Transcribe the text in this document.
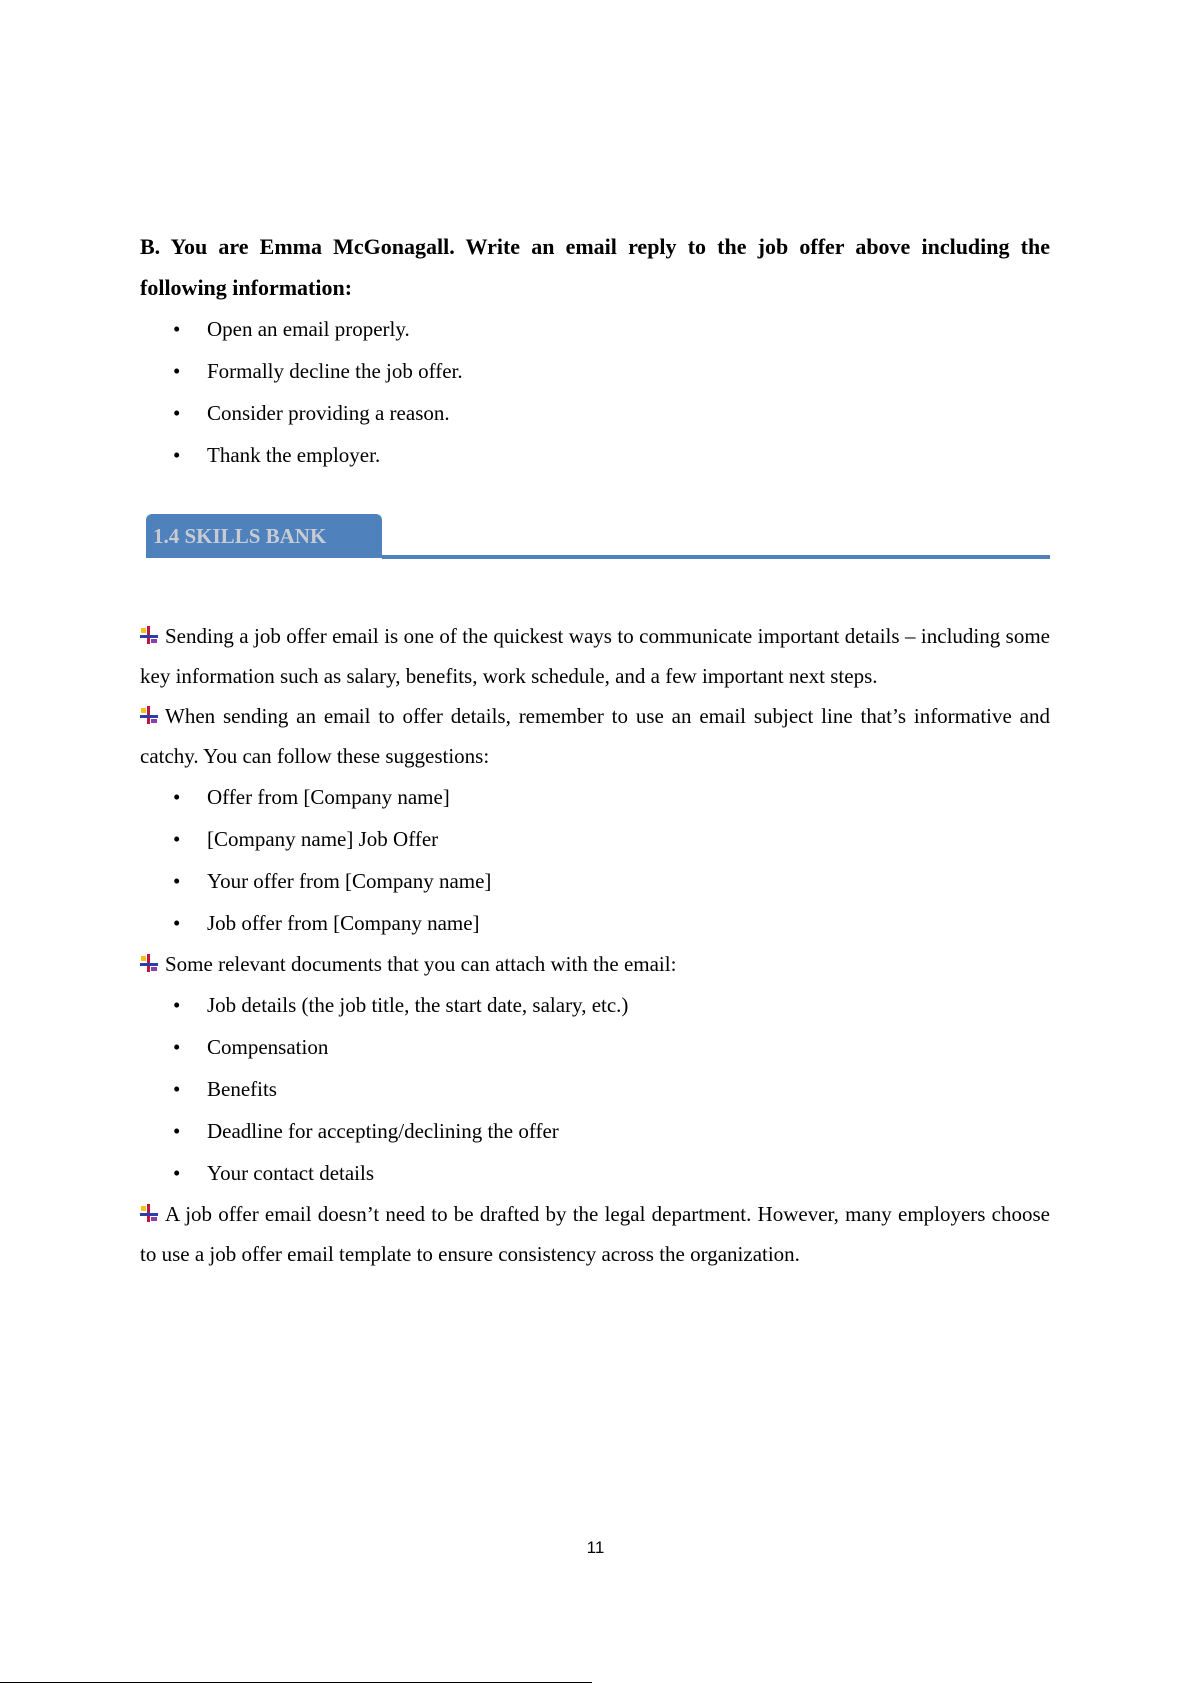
B. You are Emma McGonagall. Write an email reply to the job offer above including the following information:

• Open an email properly.
• Formally decline the job offer.
• Consider providing a reason.
• Thank the employer.
1.4 SKILLS BANK

Sending a job offer email is one of the quickest ways to communicate important details – including some key information such as salary, benefits, work schedule, and a few important next steps.

When sending an email to offer details, remember to use an email subject line that’s informative and catchy. You can follow these suggestions:

• Offer from [Company name]
• [Company name] Job Offer
• Your offer from [Company name]
• Job offer from [Company name]

Some relevant documents that you can attach with the email:

• Job details (the job title, the start date, salary, etc.)
• Compensation
• Benefits
• Deadline for accepting/declining the offer
• Your contact details

A job offer email doesn’t need to be drafted by the legal department. However, many employers choose to use a job offer email template to ensure consistency across the organization.

11
